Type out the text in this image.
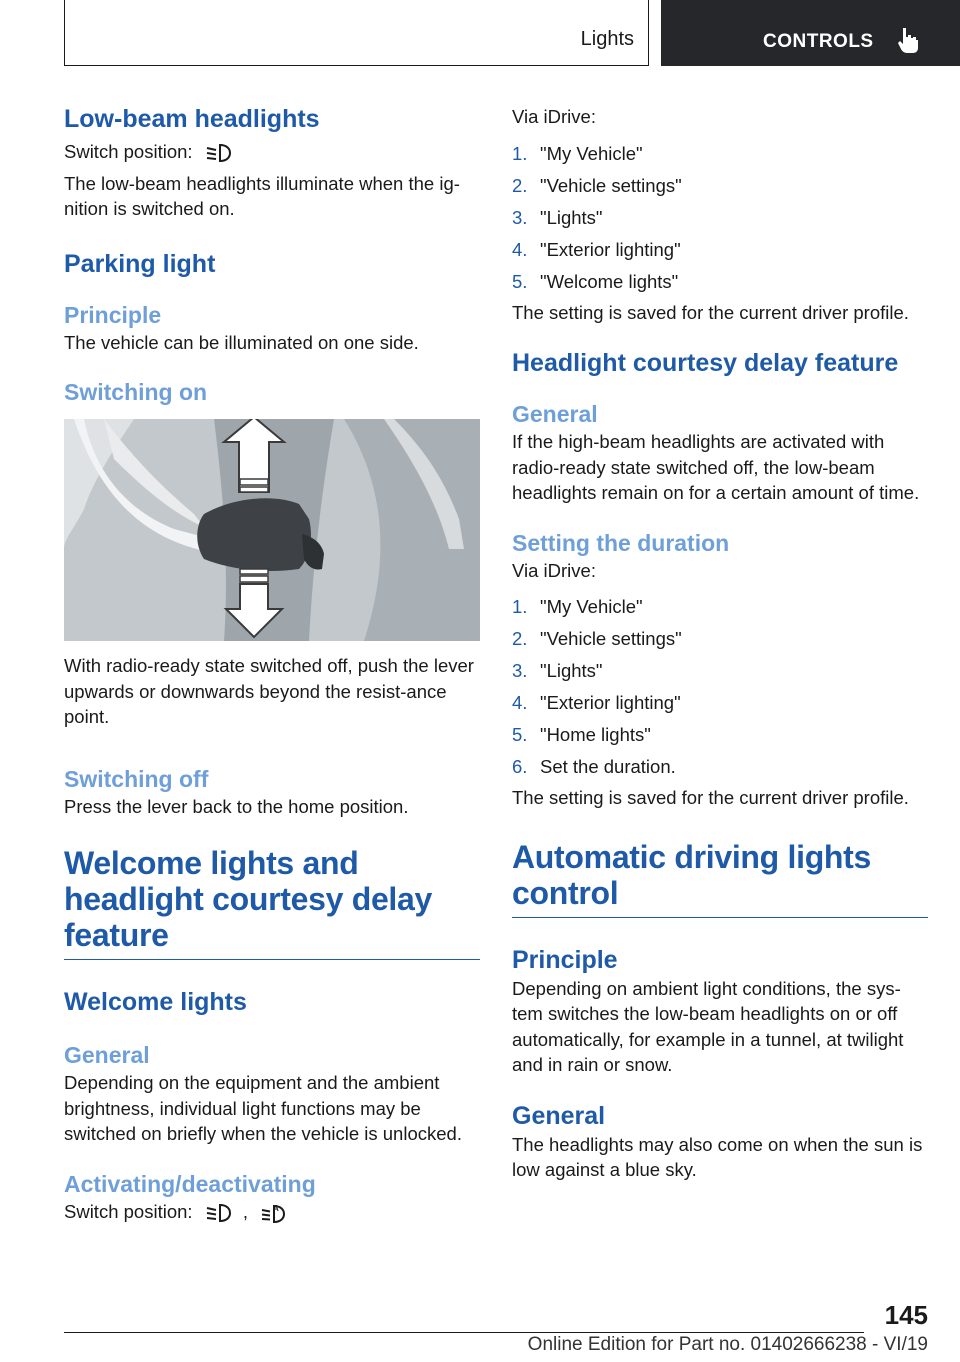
Lights	CONTROLS
Low-beam headlights
Switch position:
The low-beam headlights illuminate when the ig-nition is switched on.
Parking light
Principle
The vehicle can be illuminated on one side.
Switching on
With radio-ready state switched off, push the lever upwards or downwards beyond the resist-ance point.
Switching off
Press the lever back to the home position.
Welcome lights and headlight courtesy delay feature
Welcome lights
General
Depending on the equipment and the ambient brightness, individual light functions may be switched on briefly when the vehicle is unlocked.
Activating/deactivating
Switch position:	,	A
Via iDrive:
1. "My Vehicle"
2. "Vehicle settings"
3. "Lights"
4. "Exterior lighting"
5. "Welcome lights"
The setting is saved for the current driver profile.
Headlight courtesy delay feature
General
If the high-beam headlights are activated with radio-ready state switched off, the low-beam headlights remain on for a certain amount of time.
Setting the duration
Via iDrive:
1. "My Vehicle"
2. "Vehicle settings"
3. "Lights"
4. "Exterior lighting"
5. "Home lights"
6. Set the duration.
The setting is saved for the current driver profile.
Automatic driving lights control
Principle
Depending on ambient light conditions, the sys-tem switches the low-beam headlights on or off automatically, for example in a tunnel, at twilight and in rain or snow.
General
The headlights may also come on when the sun is low against a blue sky.
145
Online Edition for Part no. 01402666238 - VI/19
